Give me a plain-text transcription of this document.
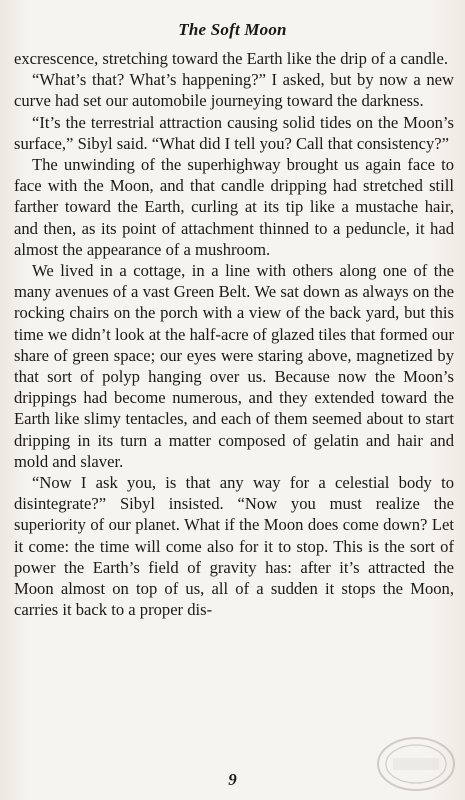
The Soft Moon

excrescence, stretching toward the Earth like the drip of a candle.

“What’s that? What’s happening?” I asked, but by now a new curve had set our automobile journeying toward the darkness.

“It’s the terrestrial attraction causing solid tides on the Moon’s surface,” Sibyl said. “What did I tell you? Call that consistency?”

The unwinding of the superhighway brought us again face to face with the Moon, and that candle dripping had stretched still farther toward the Earth, curling at its tip like a mustache hair, and then, as its point of attachment thinned to a peduncle, it had almost the appearance of a mushroom.

We lived in a cottage, in a line with others along one of the many avenues of a vast Green Belt. We sat down as always on the rocking chairs on the porch with a view of the back yard, but this time we didn’t look at the half-acre of glazed tiles that formed our share of green space; our eyes were staring above, magnetized by that sort of polyp hanging over us. Because now the Moon’s drippings had become numerous, and they extended toward the Earth like slimy tentacles, and each of them seemed about to start dripping in its turn a matter composed of gelatin and hair and mold and slaver.

“Now I ask you, is that any way for a celestial body to disintegrate?” Sibyl insisted. “Now you must realize the superiority of our planet. What if the Moon does come down? Let it come: the time will come also for it to stop. This is the sort of power the Earth’s field of gravity has: after it’s attracted the Moon almost on top of us, all of a sudden it stops the Moon, carries it back to a proper dis-

9
